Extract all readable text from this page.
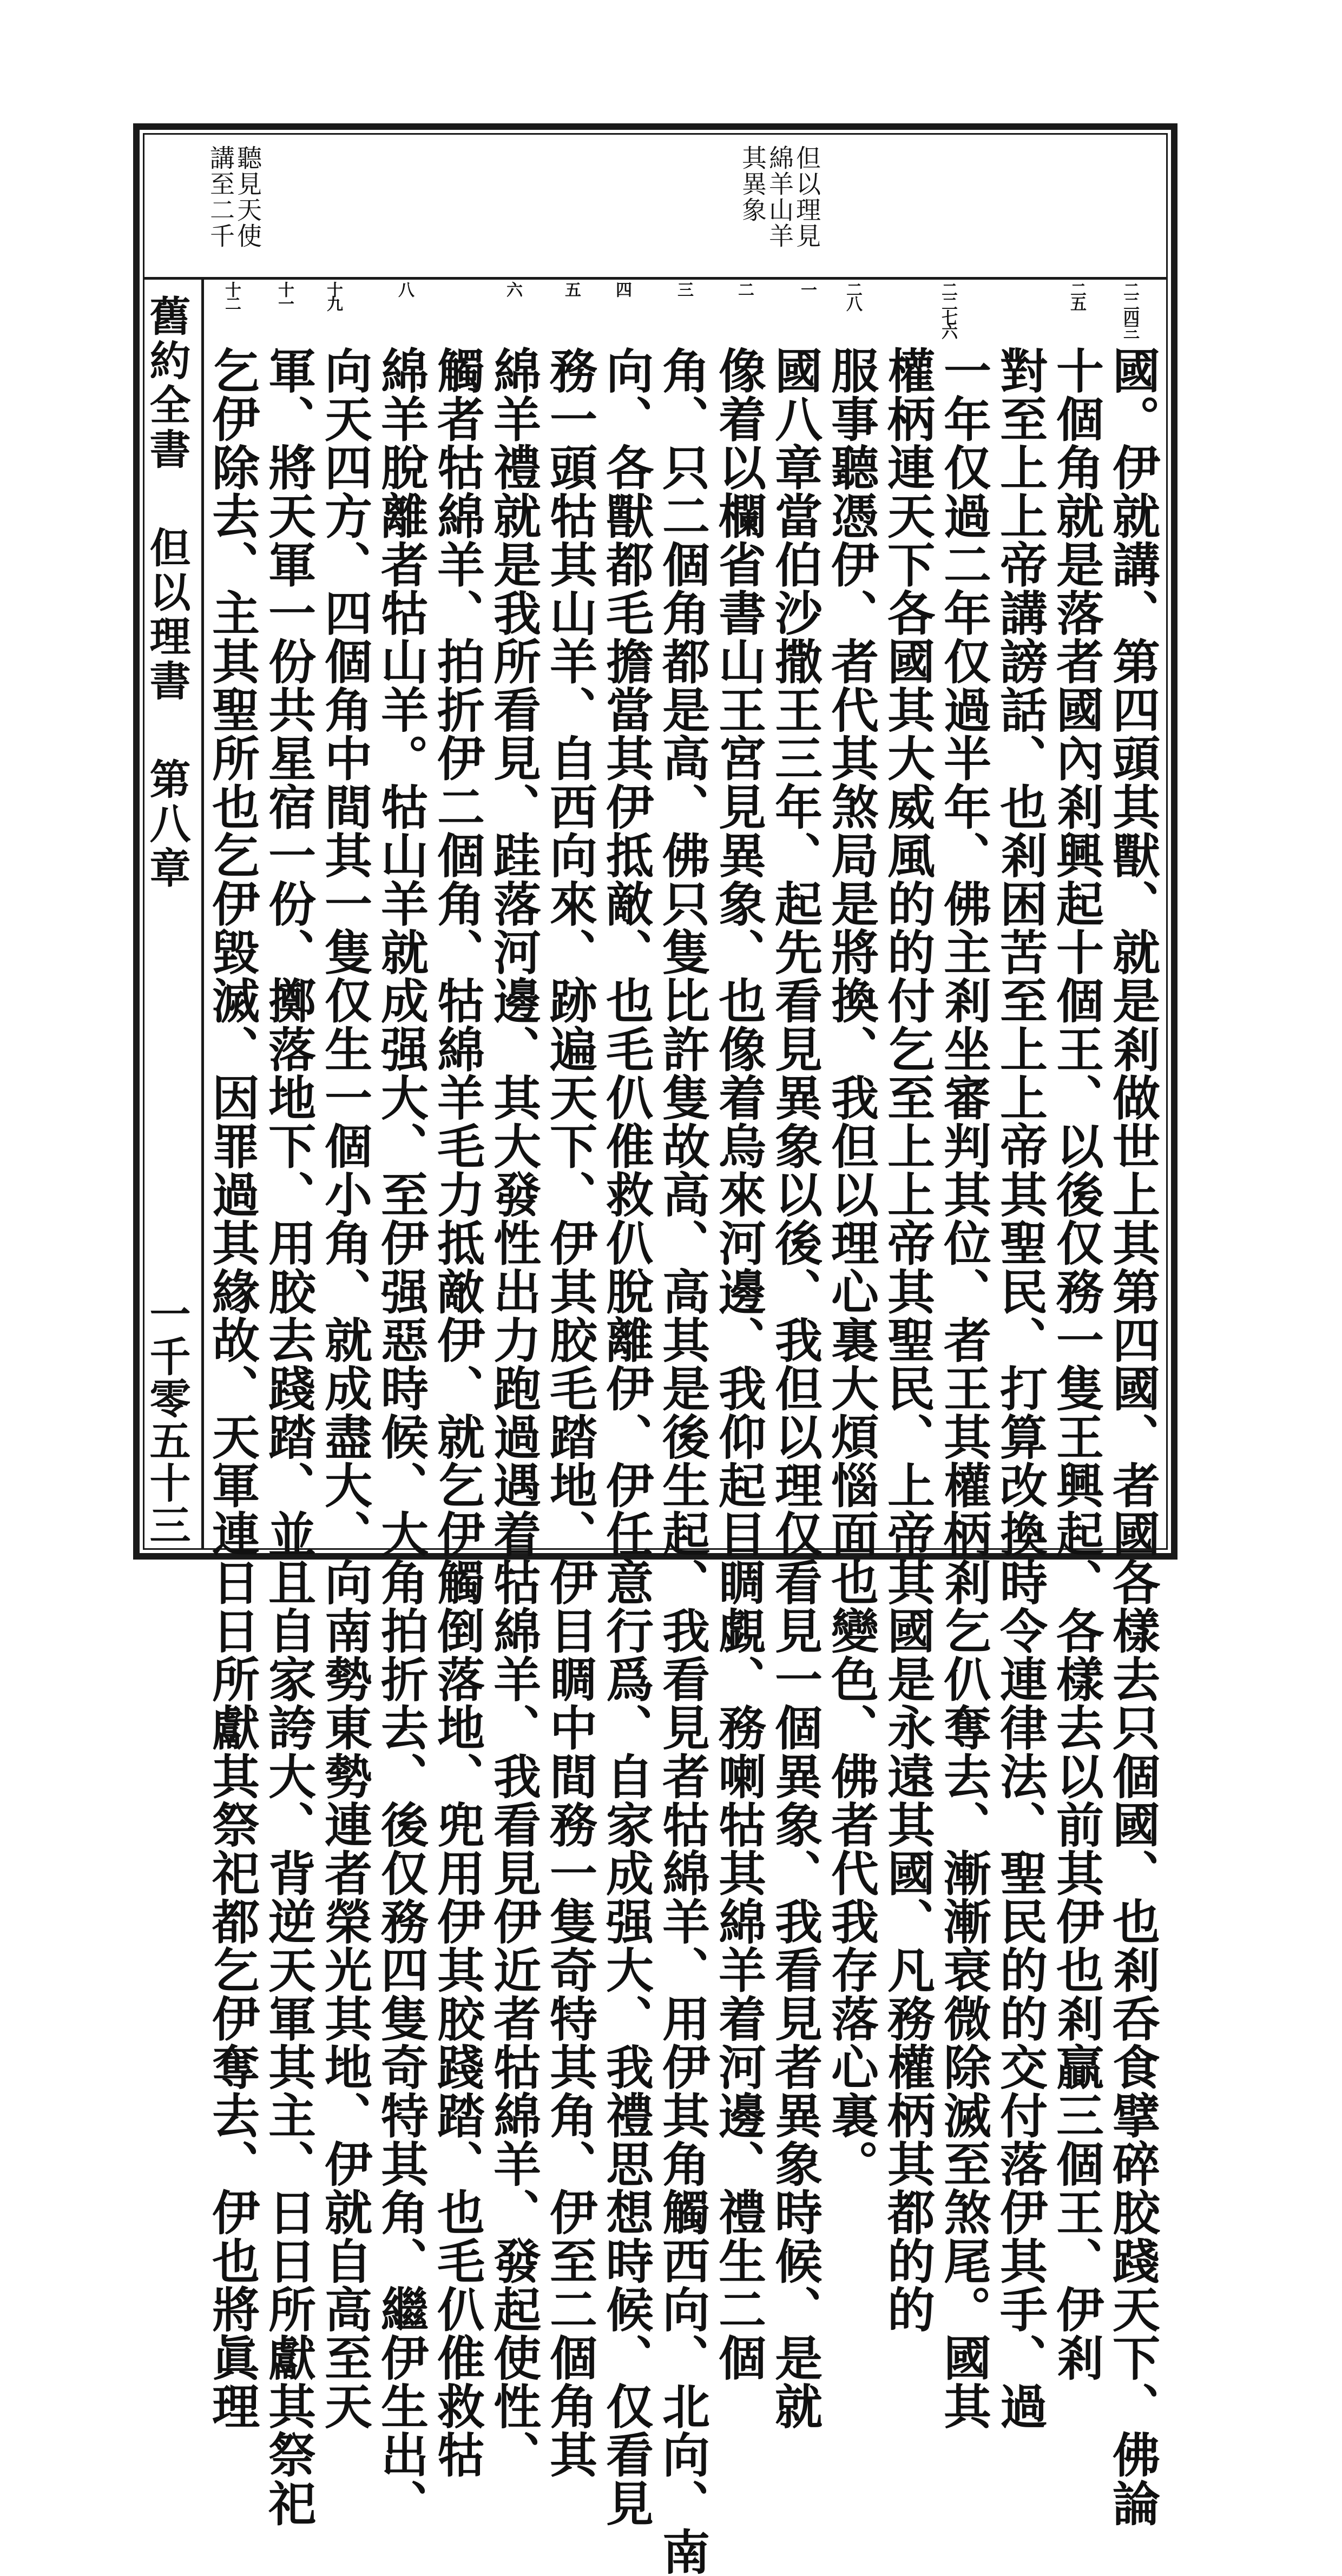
但以理見
綿羊山羊
其異象
聽見天使
講至二千
舊約全書但以理書第八章
一千零五十三
二二四三
二五
二二七六
二八
一
二
三
四
五
六
八
十九
十一
十二
國。伊就講、第四頭其獸、就是剎做世上其第四國、者國各樣去只個國、也剎呑食擘碎胶踐天下、佛論
十個角就是落者國內剎興起十個王、以後仅務一隻王興起、各樣去以前其伊也剎贏三個王、伊剎
對至上上帝講謗話、也剎困苦至上上帝其聖民、打算改換時令連律法、聖民的的交付落伊其手、過
一年仅過二年仅過半年、佛主剎坐審判其位、者王其權柄剎乞仈奪去、漸漸衰微除滅至煞尾。國其
權柄連天下各國其大威風的的付乞至上上帝其聖民、上帝其國是永遠其國、凡務權柄其都的的
服事聽憑伊、者代其煞局是將換、我但以理心裏大煩惱面也變色、佛者代我存落心裏。
國八章當伯沙撒王三年、起先看見異象以後、我但以理仅看見一個異象、我看見者異象時候、是就
像着以欄省書山王宮見異象、也像着烏來河邊、我仰起目睭覷、務喇牯其綿羊着河邊、禮生二個
角、只二個角都是高、佛只隻比許隻故高、高其是後生起、我看見者牯綿羊、用伊其角觸西向、北向、南
向、各獸都毛擔當其伊抵敵、也毛仈倠救仈脫離伊、伊任意行爲、自家成强大、我禮思想時候、仅看見
務一頭牯其山羊、自西向來、跡遍天下、伊其胶毛踏地、伊目睭中間務一隻奇特其角、伊至二個角其
綿羊禮就是我所看見、跬落河邊、其大發性出力跑過遇着牯綿羊、我看見伊近者牯綿羊、發起使性、
觸者牯綿羊、拍折伊二個角、牯綿羊毛力抵敵伊、就乞伊觸倒落地、兜用伊其胶踐踏、也毛仈倠救牯
綿羊脫離者牯山羊。牯山羊就成强大、至伊强惡時候、大角拍折去、後仅務四隻奇特其角、繼伊生出、
向天四方、四個角中間其一隻仅生一個小角、就成盡大、向南勢東勢連者榮光其地、伊就自高至天
軍、將天軍一份共星宿一份、擲落地下、用胶去踐踏、並且自家誇大、背逆天軍其主、日日所獻其祭祀
乞伊除去、主其聖所也乞伊毀滅、因罪過其緣故、天軍連日日所獻其祭祀都乞伊奪去、伊也將眞理
